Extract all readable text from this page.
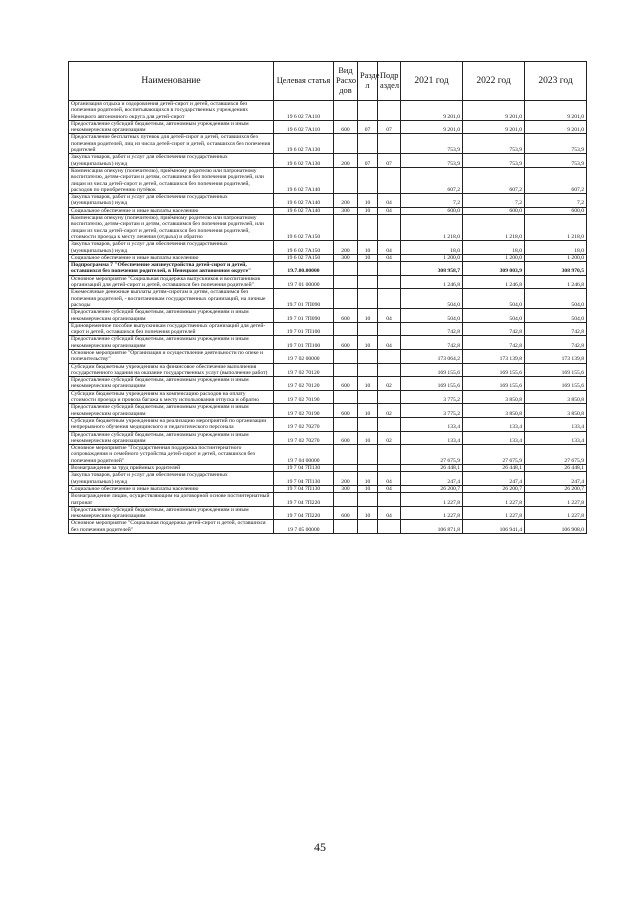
Наименование	Целевая статья	Вид Расхо дов	Разде л	Подр аздел	2021 год	2022 год	2023 год
Организация отдыха и оздоровления детей-сирот и детей, оставшихся без попечения родителей, воспитывающихся в государственных учреждениях Ненецкого автономного округа для детей-сирот	19 6 02 7А110				9 201,0	9 201,0	9 201,0
Предоставление субсидий бюджетным, автономным учреждениям и иным некоммерческим организациям	19 6 02 7А110	600	07	07	9 201,0	9 201,0	9 201,0
Предоставление бесплатных путевок для детей-сирот и детей, оставшихся без попечения родителей, лиц из числа детей-сирот и детей, оставшихся без попечения родителей	19 6 02 7А130				753,9	753,9	753,9
Закупка товаров, работ и услуг для обеспечения государственных (муниципальных) нужд	19 6 02 7А130	200	07	07	753,9	753,9	753,9
Компенсация опекуну (попечителю), приёмному родителю или патронатному воспитателю, детям-сиротам и детям, оставшимся без попечения родителей, или лицам из числа детей-сирот и детей, оставшихся без попечения родителей, расходов по приобретению путёвок	19 6 02 7А140				607,2	607,2	607,2
Закупка товаров, работ и услуг для обеспечения государственных (муниципальных) нужд	19 6 02 7А140	200	10	04	7,2	7,2	7,2
Социальное обеспечение и иные выплаты населению	19 6 02 7А140	300	10	04	600,0	600,0	600,0
Компенсация опекуну (попечителю), приёмному родителю или патронатному воспитателю, детям-сиротам и детям, оставшимся без попечения родителей, или лицам из числа детей-сирот и детей, оставшихся без попечения родителей, стоимости проезда к месту лечения (отдыха) и обратно	19 6 02 7А150				1 218,0	1 218,0	1 218,0
Закупка товаров, работ и услуг для обеспечения государственных (муниципальных) нужд	19 6 02 7А150	200	10	04	18,0	18,0	18,0
Социальное обеспечение и иные выплаты населению	19 6 02 7А150	300	10	04	1 200,0	1 200,0	1 200,0
Подпрограмма 7 "Обеспечение жизнеустройства детей-сирот и детей, оставшихся без попечения родителей, в Ненецком автономном округе"	19.7.00.00000				308 958,7	309 003,9	308 970,5
Основное мероприятие "Социальная поддержка выпускников и воспитанников организаций для детей-сирот и детей, оставшихся без попечения родителей"	19 7 01 00000				1 246,8	1 246,8	1 246,8
Ежемесячные денежные выплаты детям-сиротам и детям, оставшимся без попечения родителей, - воспитанникам государственных организаций, на личные расходы	19.7 01 7П090				504,0	504,0	504,0
Предоставление субсидий бюджетным, автономным учреждениям и иным некоммерческим организациям	19 7 01 7П090	600	10	04	504,0	504,0	504,0
Единовременное пособие выпускникам государственных организаций для детей-сирот и детей, оставшихся без попечения родителей	19 7 01 7П100				742,8	742,8	742,8
Предоставление субсидий бюджетным, автономным учреждениям и иным некоммерческим организациям	19 7 01 7П100	600	10	04	742,8	742,8	742,8
Основное мероприятие "Организация и осуществление деятельности по опеке и попечительству"	19 7 02 00000				173 064,2	173 139,8	173 139,8
Субсидии бюджетным учреждениям на финансовое обеспечение выполнения государственного задания на оказание государственных услуг (выполнение работ)	19 7 02 70120				169 155,6	169 155,6	169 155,6
Предоставление субсидий бюджетным, автономным учреждениям и иным некоммерческим организациям	19 7 02 70120	600	10	02	169 155,6	169 155,6	169 155,6
Субсидии бюджетным учреждениям на компенсацию расходов на оплату стоимости проезда и провоза багажа к месту использования отпуска и обратно	19 7 02 70190				3 775,2	3 850,8	3 850,8
Предоставление субсидий бюджетным, автономным учреждениям и иным некоммерческим организациям	19 7 02 70190	600	10	02	3 775,2	3 850,8	3 850,8
Субсидии бюджетным учреждениям на реализацию мероприятий по организации непрерывного обучения медицинского и педагогического персонала	19 7 02 70270				133,4	133,4	133,4
Предоставление субсидий бюджетным, автономным учреждениям и иным некоммерческим организациям	19 7 02 70270	600	10	02	133,4	133,4	133,4
Основное мероприятие "Государственная поддержка постинтернатного сопровождения и семейного устройства детей-сирот и детей, оставшихся без попечения родителей"	19 7 04 00000				27 675,9	27 675,9	27 675,9
Вознаграждение за труд приёмных родителей	19 7 04 7П130				26 448,1	26 448,1	26 448,1
Закупка товаров, работ и услуг для обеспечения государственных (муниципальных) нужд	19 7 04 7П130	200	10	04	247,4	247,4	247,4
Социальное обеспечение и иные выплаты населению	19 7 04 7П130	300	10	04	26 200,7	26 200,7	26 200,7
Вознаграждение лицам, осуществляющим на договорной основе постинтернатный патронат	19 7 04 7П220				1 227,8	1 227,8	1 227,8
Предоставление субсидий бюджетным, автономным учреждениям и иным некоммерческим организациям	19 7 04 7П220	600	10	04	1 227,8	1 227,8	1 227,8
Основное мероприятие "Социальная поддержка детей-сирот и детей, оставшихся без попечения родителей"	19 7 05 00000				106 871,8	106 941,4	106 908,0
45
